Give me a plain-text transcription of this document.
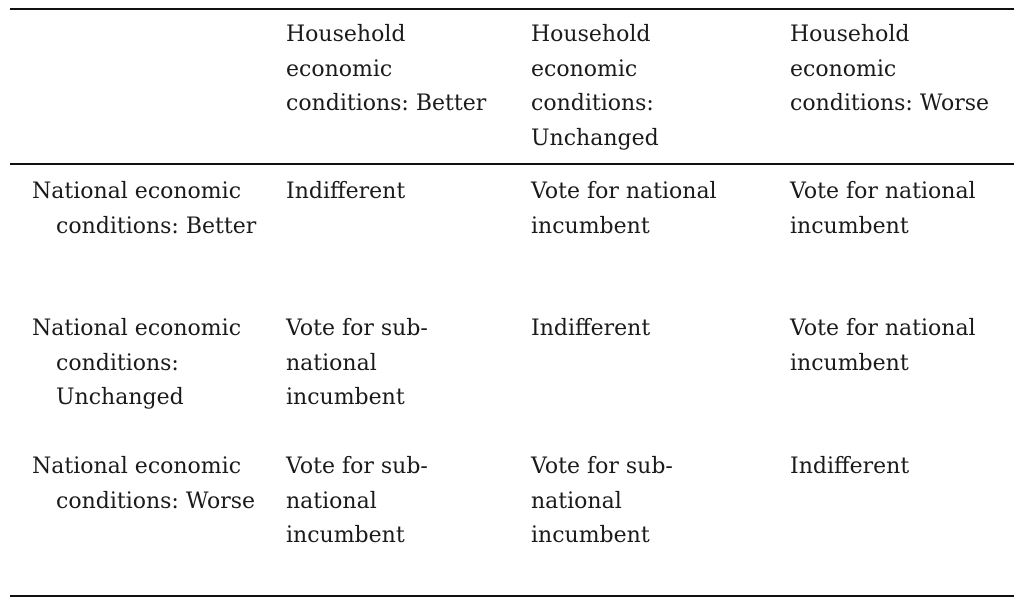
Household
economic
conditions: Better
Household
economic
conditions:
Unchanged
Household
economic
conditions: Worse
National economic conditions: Better
Indifferent	Vote for national
incumbent
Vote for national
incumbent
National economic conditions: Unchanged
Vote for sub-
national
incumbent
Indifferent	Vote for national
incumbent
National economic conditions: Worse
Vote for sub-
national
incumbent
Vote for sub-
national
incumbent
Indifferent
